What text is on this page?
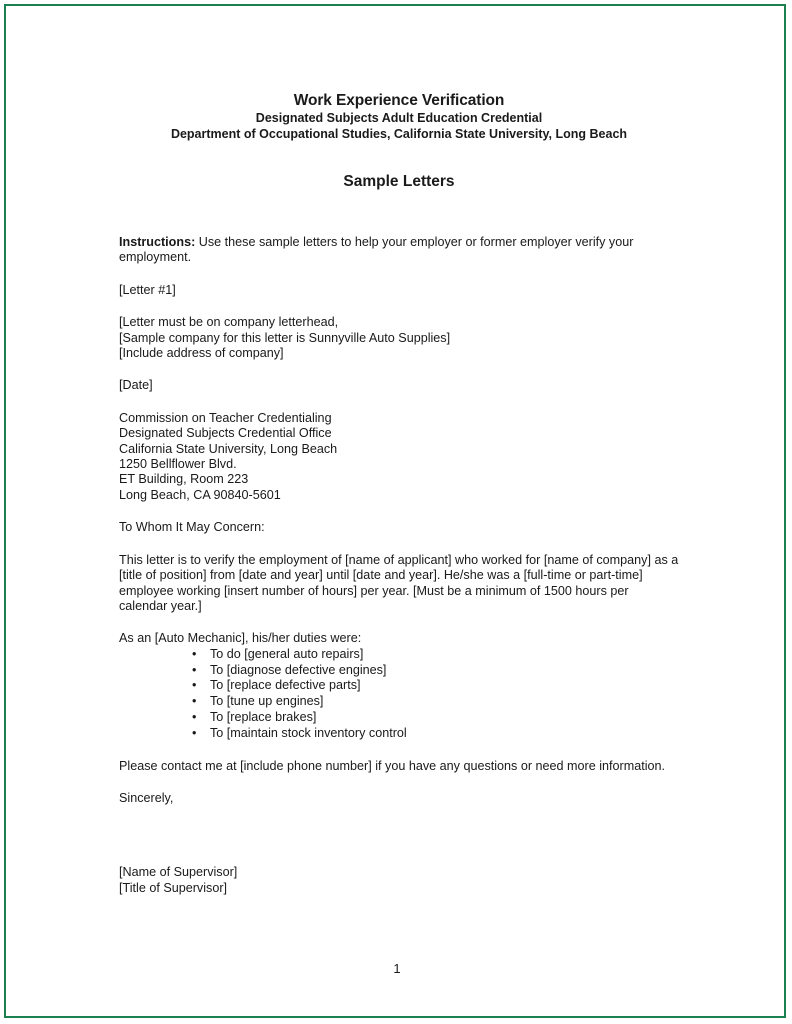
Work Experience Verification
Designated Subjects Adult Education Credential
Department of Occupational Studies, California State University, Long Beach
Sample Letters

Instructions: Use these sample letters to help your employer or former employer verify your employment.

[Letter #1]

[Letter must be on company letterhead,
[Sample company for this letter is Sunnyville Auto Supplies]
[Include address of company]

[Date]

Commission on Teacher Credentialing
Designated Subjects Credential Office
California State University, Long Beach
1250 Bellflower Blvd.
ET Building, Room 223
Long Beach, CA 90840-5601

To Whom It May Concern:

This letter is to verify the employment of [name of applicant] who worked for [name of company] as a [title of position] from [date and year] until [date and year]. He/she was a [full-time or part-time] employee working [insert number of hours] per year. [Must be a minimum of 1500 hours per calendar year.]

As an [Auto Mechanic], his/her duties were:

• To do [general auto repairs]
• To [diagnose defective engines]
• To [replace defective parts]
• To [tune up engines]
• To [replace brakes]
• To [maintain stock inventory control

Please contact me at [include phone number] if you have any questions or need more information.

Sincerely,

[Name of Supervisor]
[Title of Supervisor]
1
